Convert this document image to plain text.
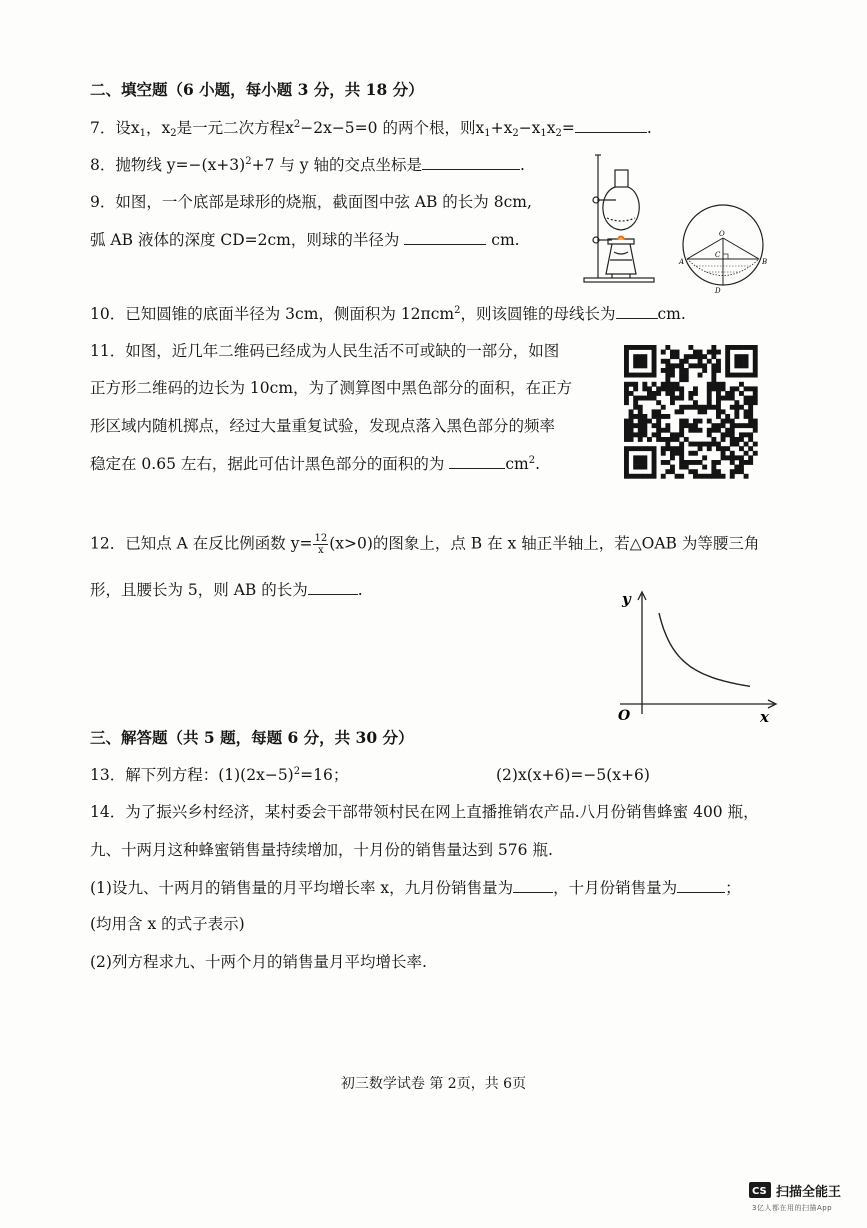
二、填空题（6 小题，每小题 3 分，共 18 分）
7．设$x_1$，$x_2$是一元二次方程$x^2-2x-5=0$ 的两个根，则$x_1+x_2-x_1x_2=$	.
8．抛物线 $y=-(x+3)^2+7$ 与 y 轴的交点坐标是	.
9．如图，一个底部是球形的烧瓶，截面图中弦 AB 的长为 8cm,
弧 AB 液体的深度 CD=2cm，则球的半径为	cm.	O
C
A	B
D
10．已知圆锥的底面半径为 3cm，侧面积为 12πcm$^2$，则该圆锥的母线长为	cm.
11．如图，近几年二维码已经成为人民生活不可或缺的一部分，如图
正方形二维码的边长为 10cm，为了测算图中黑色部分的面积，在正方
形区域内随机掷点，经过大量重复试验，发现点落入黑色部分的频率
稳定在 0.65 左右，据此可估计黑色部分的面积的为	$cm^2$.
12．已知点 A 在反比例函数 $y= \frac{12}{x} (x>0)$的图象上，点 B 在 x 轴正半轴上，若△OAB 为等腰三角
形，且腰长为 5，则 AB 的长为	.	y
x
O
三、解答题（共 5 题，每题 6 分，共 30 分）
13．解下列方程：$(1)(2x-5)^2=16$；	(2)x(x+6)=−5(x+6)
14．为了振兴乡村经济，某村委会干部带领村民在网上直播推销农产品.八月份销售蜂蜜 400 瓶，
九、十两月这种蜂蜜销售量持续增加，十月份的销售量达到 576 瓶.
(1)设九、十两月的销售量的月平均增长率 x，九月份销售量为	，十月份销售量为	；
(均用含 x 的式子表示)
(2)列方程求九、十两个月的销售量月平均增长率.
初三数学试卷 第 2页，共 6页
CS 扫描全能王
3亿人都在用的扫描App
